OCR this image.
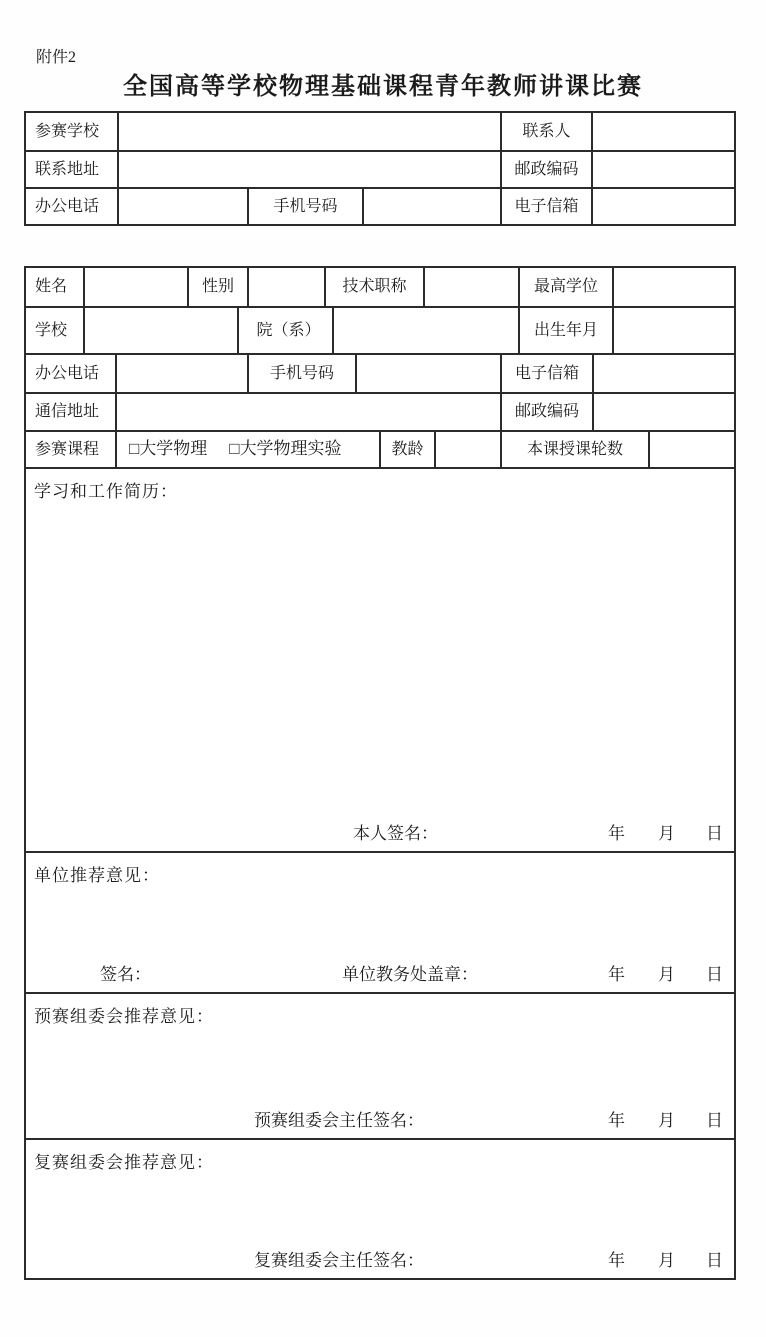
附件2
全国高等学校物理基础课程青年教师讲课比赛
参赛学校	联系人
联系地址	邮政编码
办公电话	手机号码	电子信箱
姓名	性别	技术职称	最高学位
学校	院（系）	出生年月
办公电话	手机号码	电子信箱
通信地址	邮政编码
参赛课程	□大学物理 □大学物理实验	教龄	本课授课轮数
学习和工作简历：
本人签名：	年 月 日
单位推荐意见：
签名：	单位教务处盖章：	年 月 日
预赛组委会推荐意见：
预赛组委会主任签名：	年 月 日
复赛组委会推荐意见：
复赛组委会主任签名：	年 月 日
